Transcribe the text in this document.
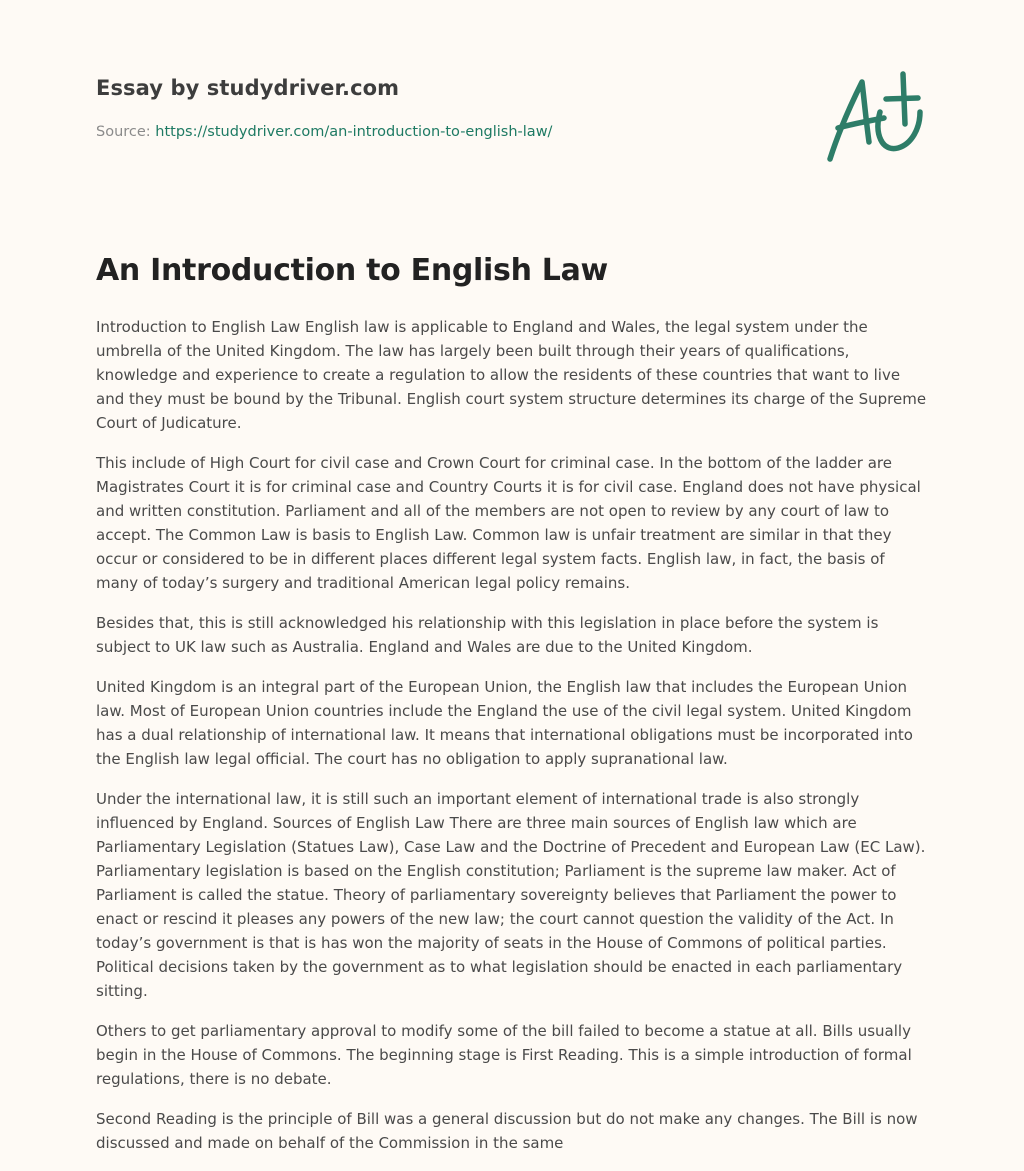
Essay by studydriver.com
Source: https://studydriver.com/an-introduction-to-english-law/
An Introduction to English Law

Introduction to English Law English law is applicable to England and Wales, the legal system under the umbrella of the United Kingdom. The law has largely been built through their years of qualifications, knowledge and experience to create a regulation to allow the residents of these countries that want to live and they must be bound by the Tribunal. English court system structure determines its charge of the Supreme Court of Judicature.

This include of High Court for civil case and Crown Court for criminal case. In the bottom of the ladder are Magistrates Court it is for criminal case and Country Courts it is for civil case. England does not have physical and written constitution. Parliament and all of the members are not open to review by any court of law to accept. The Common Law is basis to English Law. Common law is unfair treatment are similar in that they occur or considered to be in different places different legal system facts. English law, in fact, the basis of many of today’s surgery and traditional American legal policy remains.

Besides that, this is still acknowledged his relationship with this legislation in place before the system is subject to UK law such as Australia. England and Wales are due to the United Kingdom.

United Kingdom is an integral part of the European Union, the English law that includes the European Union law. Most of European Union countries include the England the use of the civil legal system. United Kingdom has a dual relationship of international law. It means that international obligations must be incorporated into the English law legal official. The court has no obligation to apply supranational law.

Under the international law, it is still such an important element of international trade is also strongly influenced by England. Sources of English Law There are three main sources of English law which are Parliamentary Legislation (Statues Law), Case Law and the Doctrine of Precedent and European Law (EC Law). Parliamentary legislation is based on the English constitution; Parliament is the supreme law maker. Act of Parliament is called the statue. Theory of parliamentary sovereignty believes that Parliament the power to enact or rescind it pleases any powers of the new law; the court cannot question the validity of the Act. In today’s government is that is has won the majority of seats in the House of Commons of political parties. Political decisions taken by the government as to what legislation should be enacted in each parliamentary sitting.

Others to get parliamentary approval to modify some of the bill failed to become a statue at all. Bills usually begin in the House of Commons. The beginning stage is First Reading. This is a simple introduction of formal regulations, there is no debate.

Second Reading is the principle of Bill was a general discussion but do not make any changes. The Bill is now discussed and made on behalf of the Commission in the same
